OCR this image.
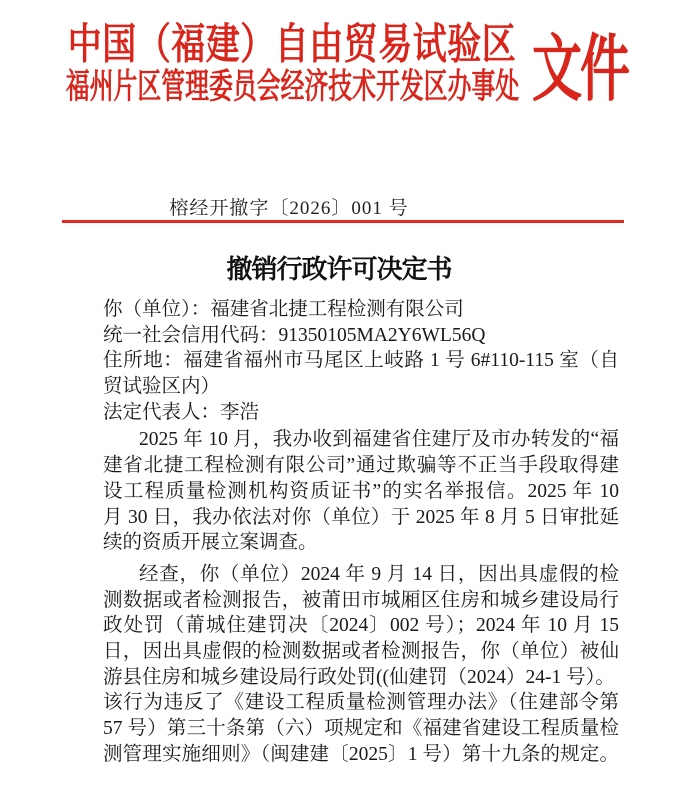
中国（福建）自由贸易试验区
福州片区管理委员会经济技术开发区办事处 文件
榕经开撤字〔2026〕001 号
撤销行政许可决定书
你（单位）：福建省北捷工程检测有限公司
统一社会信用代码：91350105MA2Y6WL56Q
住所地：福建省福州市马尾区上岐路 1 号 6#110-115 室（自
贸试验区内）
法定代表人：李浩
2025 年 10 月，我办收到福建省住建厅及市办转发的“福
建省北捷工程检测有限公司”通过欺骗等不正当手段取得建
设工程质量检测机构资质证书”的实名举报信。2025 年 10
月 30 日，我办依法对你（单位）于 2025 年 8 月 5 日审批延
续的资质开展立案调查。
经查，你（单位）2024 年 9 月 14 日，因出具虚假的检
测数据或者检测报告，被莆田市城厢区住房和城乡建设局行
政处罚（莆城住建罚决〔2024〕002 号）；2024 年 10 月 15
日，因出具虚假的检测数据或者检测报告，你（单位）被仙
游县住房和城乡建设局行政处罚((仙建罚（2024）24-1 号）。
该行为违反了《建设工程质量检测管理办法》（住建部令第
57 号）第三十条第（六）项规定和《福建省建设工程质量检
测管理实施细则》（闽建建〔2025〕1 号）第十九条的规定。
